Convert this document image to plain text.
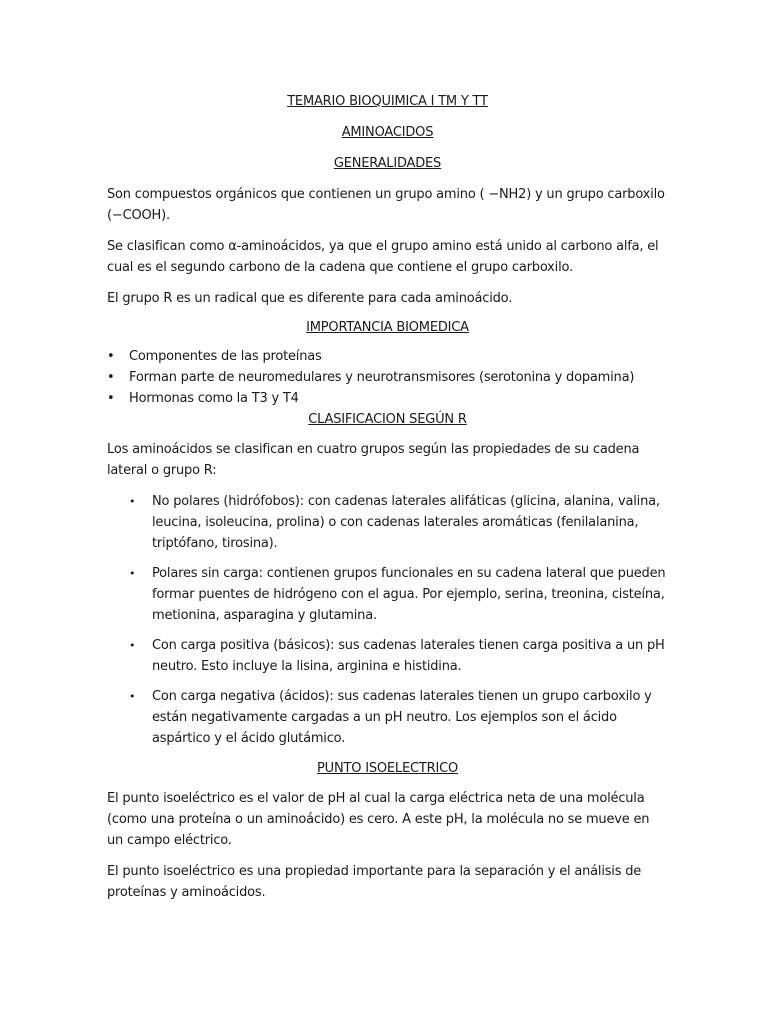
TEMARIO BIOQUIMICA I TM Y TT
AMINOACIDOS
GENERALIDADES

Son compuestos orgánicos que contienen un grupo amino ( −NH2) y un grupo carboxilo (−COOH).

Se clasifican como α-aminoácidos, ya que el grupo amino está unido al carbono alfa, el cual es el segundo carbono de la cadena que contiene el grupo carboxilo.

El grupo R es un radical que es diferente para cada aminoácido.

IMPORTANCIA BIOMEDICA
• Componentes de las proteínas
• Forman parte de neuromedulares y neurotransmisores (serotonina y dopamina)
• Hormonas como la T3 y T4
CLASIFICACION SEGÚN R

Los aminoácidos se clasifican en cuatro grupos según las propiedades de su cadena lateral o grupo R:

• No polares (hidrófobos): con cadenas laterales alifáticas (glicina, alanina, valina, leucina, isoleucina, prolina) o con cadenas laterales aromáticas (fenilalanina, triptófano, tirosina).
• Polares sin carga: contienen grupos funcionales en su cadena lateral que pueden formar puentes de hidrógeno con el agua. Por ejemplo, serina, treonina, cisteína, metionina, asparagina y glutamina.
• Con carga positiva (básicos): sus cadenas laterales tienen carga positiva a un pH neutro. Esto incluye la lisina, arginina e histidina.
• Con carga negativa (ácidos): sus cadenas laterales tienen un grupo carboxilo y están negativamente cargadas a un pH neutro. Los ejemplos son el ácido aspártico y el ácido glutámico.
PUNTO ISOELECTRICO

El punto isoeléctrico es el valor de pH al cual la carga eléctrica neta de una molécula (como una proteína o un aminoácido) es cero. A este pH, la molécula no se mueve en un campo eléctrico.

El punto isoeléctrico es una propiedad importante para la separación y el análisis de proteínas y aminoácidos.
